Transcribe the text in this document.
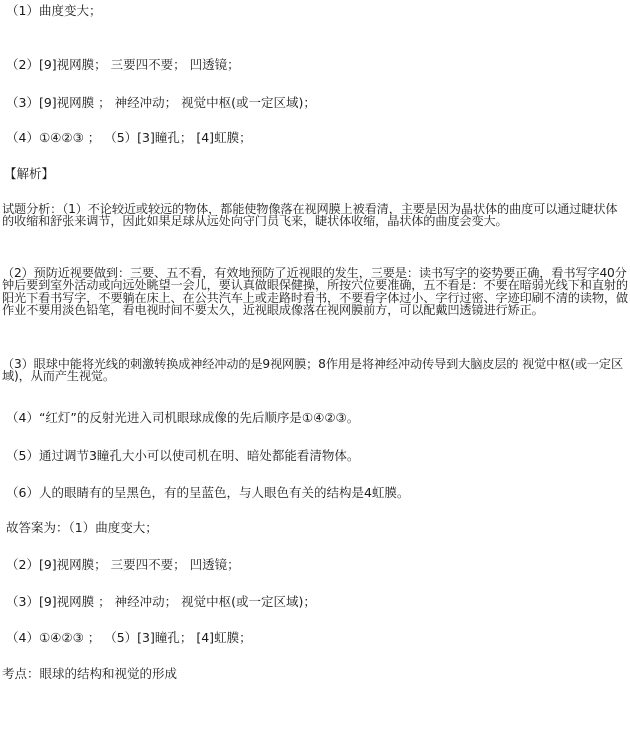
（1）曲度变大；
（2）[9]视网膜； 三要四不要； 凹透镜；
（3）[9]视网膜 ； 神经冲动； 视觉中枢(或一定区域)；
（4）①④②③ ； （5）[3]瞳孔； [4]虹膜；
【解析】
试题分析：（1）不论较近或较远的物体，都能使物像落在视网膜上被看清，主要是因为晶状体的曲度可以通过睫状体的收缩和舒张来调节，因此如果足球从远处向守门员飞来，睫状体收缩，晶状体的曲度会变大。
（2）预防近视要做到：三要、五不看，有效地预防了近视眼的发生，三要是：读书写字的姿势要正确，看书写字40分钟后要到室外活动或向远处眺望一会儿，要认真做眼保健操，所按穴位要准确，五不看是：不要在暗弱光线下和直射的阳光下看书写字，不要躺在床上、在公共汽车上或走路时看书，不要看字体过小、字行过密、字迹印刷不清的读物，做作业不要用淡色铅笔，看电视时间不要太久，近视眼成像落在视网膜前方，可以配戴凹透镜进行矫正。
（3）眼球中能将光线的刺激转换成神经冲动的是9视网膜；8作用是将神经冲动传导到大脑皮层的 视觉中枢(或一定区域)，从而产生视觉。
（4）“红灯”的反射光进入司机眼球成像的先后顺序是①④②③。
（5）通过调节3瞳孔大小可以使司机在明、暗处都能看清物体。
（6）人的眼睛有的呈黑色，有的呈蓝色，与人眼色有关的结构是4虹膜。
故答案为：（1）曲度变大；
（2）[9]视网膜； 三要四不要； 凹透镜；
（3）[9]视网膜 ； 神经冲动； 视觉中枢(或一定区域)；
（4）①④②③ ； （5）[3]瞳孔； [4]虹膜；
考点：眼球的结构和视觉的形成
